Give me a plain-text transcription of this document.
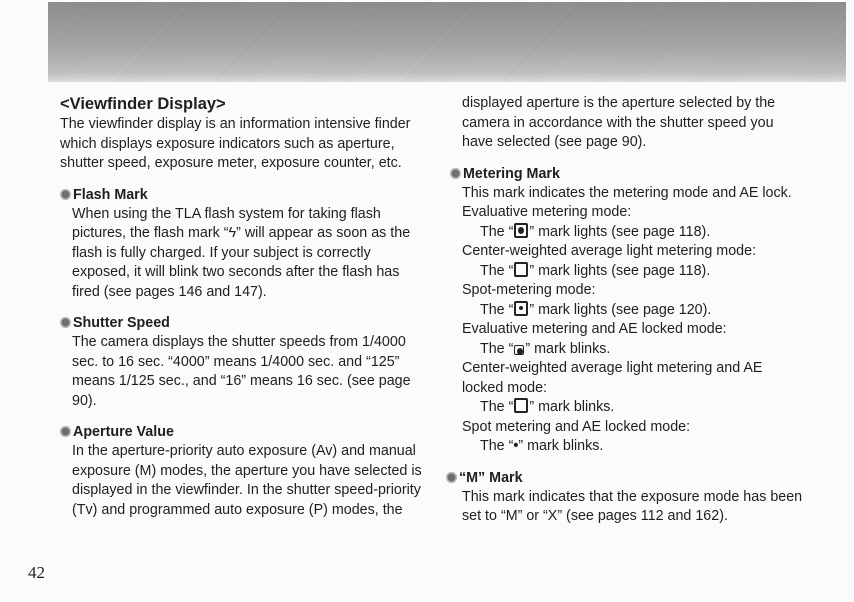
<Viewfinder Display>

The viewfinder display is an information intensive finder which displays exposure indicators such as aperture, shutter speed, exposure meter, exposure counter, etc.

Flash Mark

When using the TLA flash system for taking flash pictures, the flash mark “ϟ” will appear as soon as the flash is fully charged. If your subject is correctly exposed, it will blink two seconds after the flash has fired (see pages 146 and 147).

Shutter Speed

The camera displays the shutter speeds from 1/4000 sec. to 16 sec. “4000” means 1/4000 sec. and “125” means 1/125 sec., and “16” means 16 sec. (see page 90).

Aperture Value

In the aperture-priority auto exposure (Av) and manual exposure (M) modes, the aperture you have selected is displayed in the viewfinder. In the shutter speed-priority (Tv) and programmed auto exposure (P) modes, the

displayed aperture is the aperture selected by the camera in accordance with the shutter speed you have selected (see page 90).

Metering Mark

This mark indicates the metering mode and AE lock.

Evaluative metering mode:

The “ ” mark lights (see page 118).

Center-weighted average light metering mode:

The “ ” mark lights (see page 118).

Spot-metering mode:

The “ ” mark lights (see page 120).

Evaluative metering and AE locked mode:

The “ ” mark blinks.

Center-weighted average light metering and AE locked mode:

The “ ” mark blinks.

Spot metering and AE locked mode:

The “•” mark blinks.

“M” Mark

This mark indicates that the exposure mode has been set to “M” or “X” (see pages 112 and 162).

42
